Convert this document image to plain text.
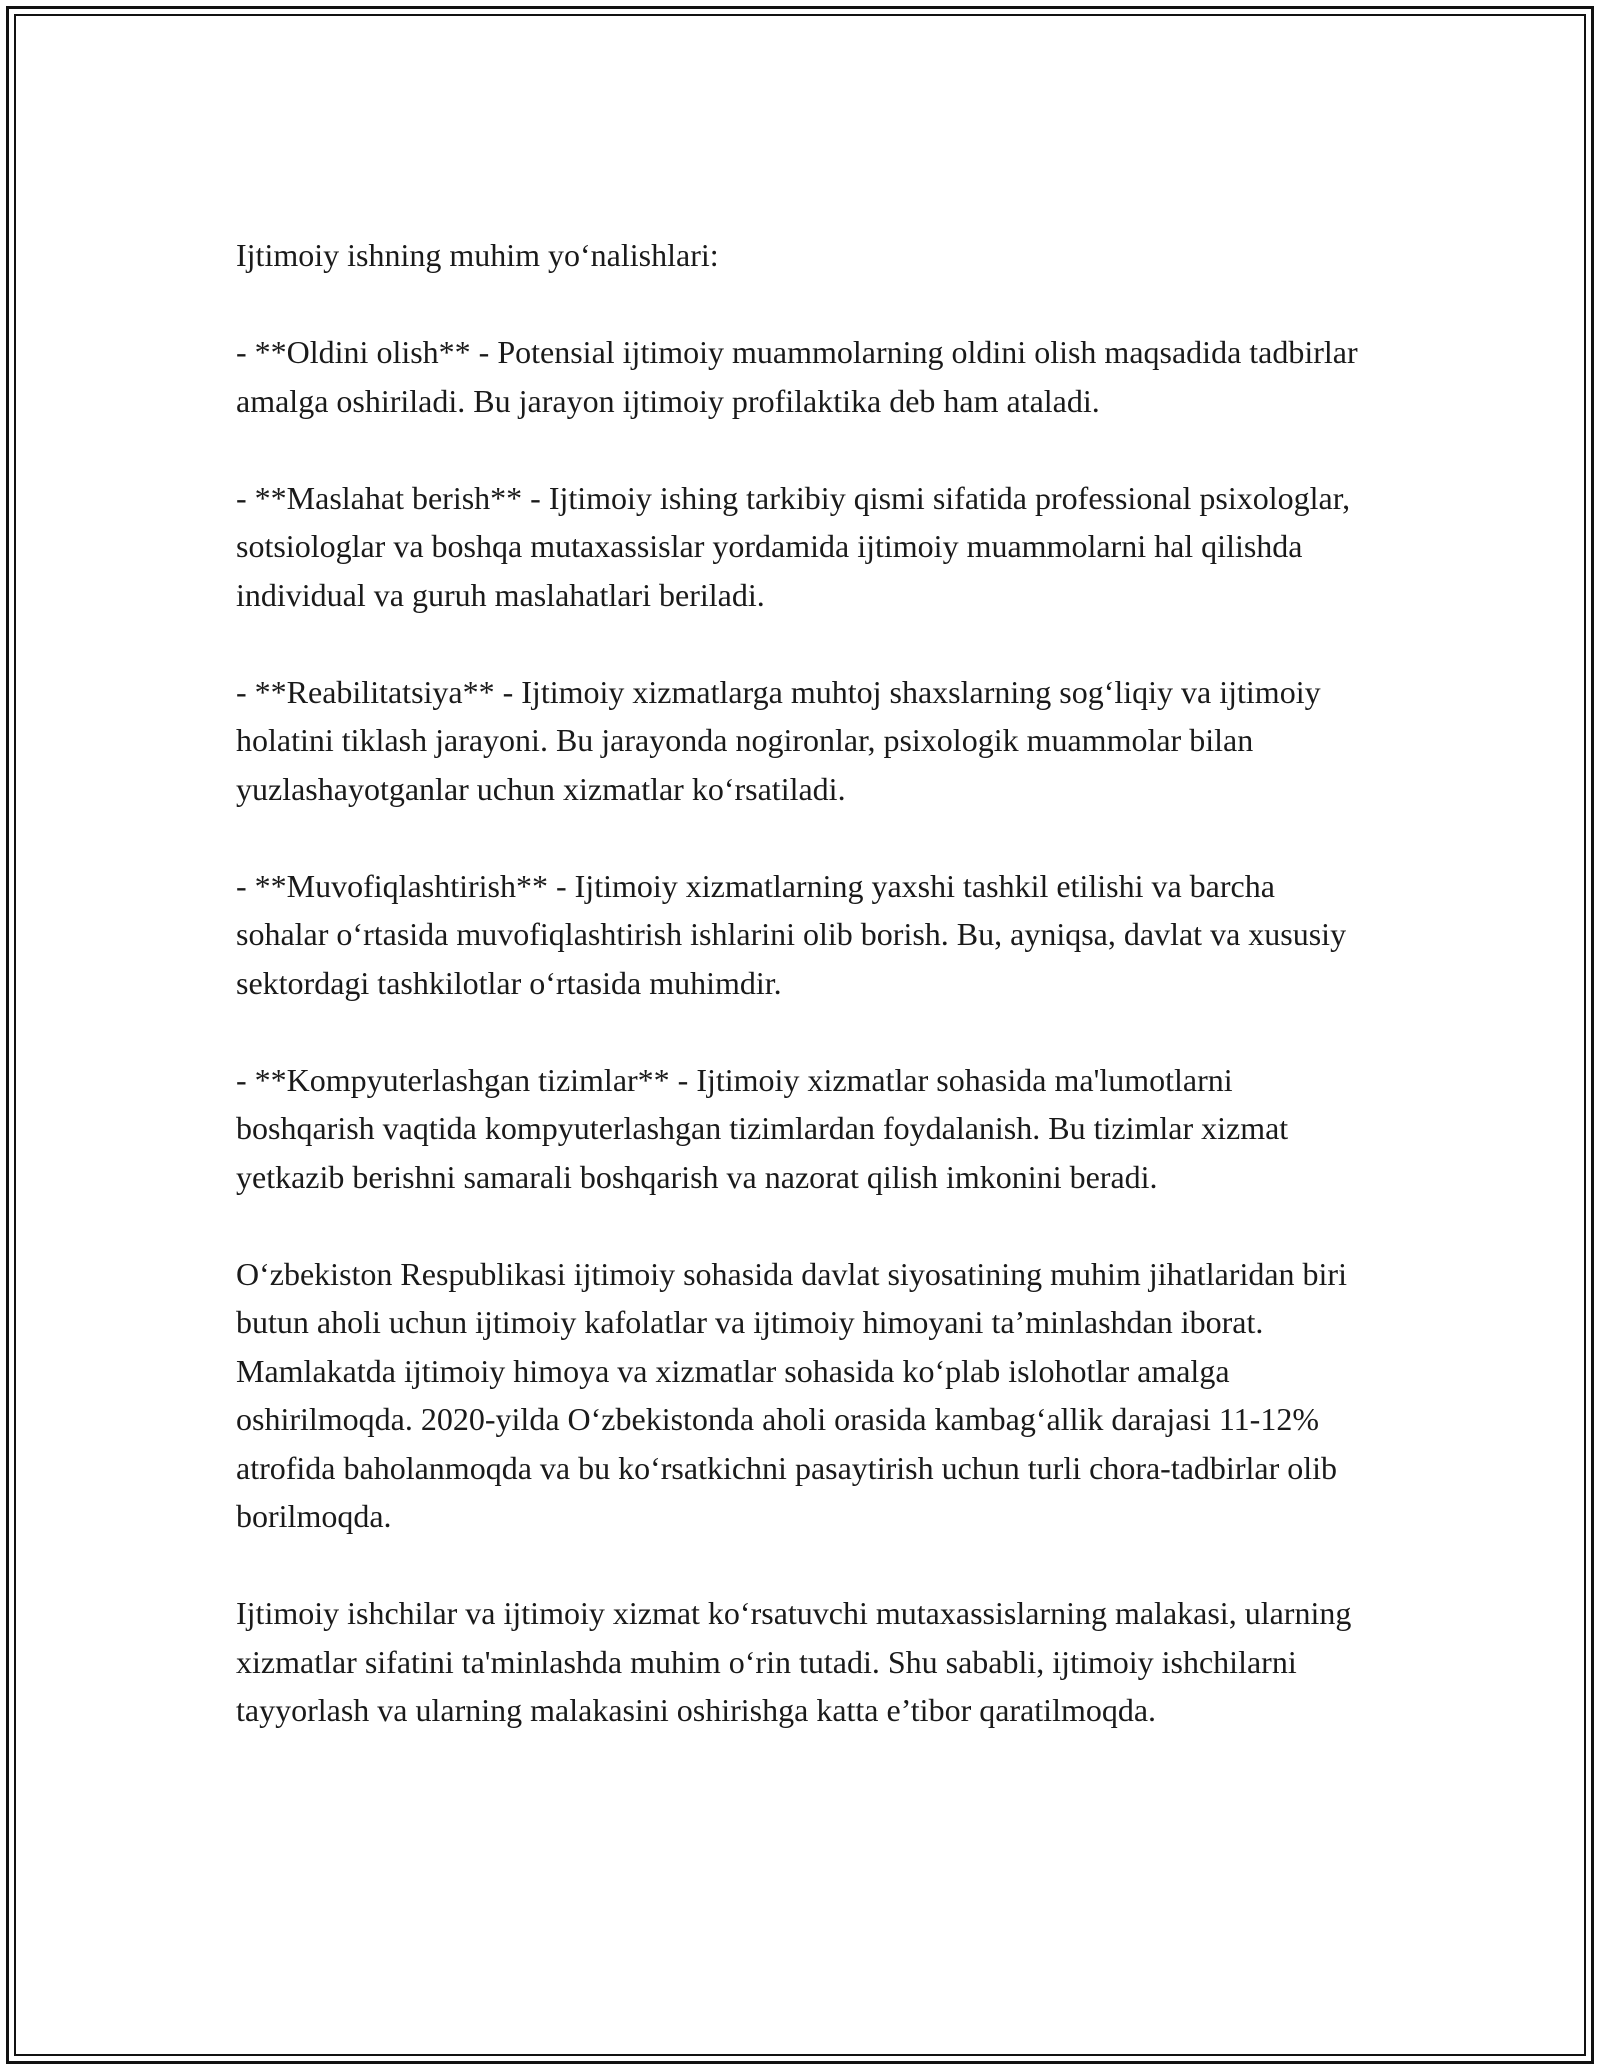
Ijtimoiy ishning muhim yo‘nalishlari:

- **Oldini olish** - Potensial ijtimoiy muammolarning oldini olish maqsadida tadbirlar amalga oshiriladi. Bu jarayon ijtimoiy profilaktika deb ham ataladi.

- **Maslahat berish** - Ijtimoiy ishing tarkibiy qismi sifatida professional psixologlar, sotsiologlar va boshqa mutaxassislar yordamida ijtimoiy muammolarni hal qilishda individual va guruh maslahatlari beriladi.

- **Reabilitatsiya** - Ijtimoiy xizmatlarga muhtoj shaxslarning sog‘liqiy va ijtimoiy holatini tiklash jarayoni. Bu jarayonda nogironlar, psixologik muammolar bilan yuzlashayotganlar uchun xizmatlar ko‘rsatiladi.

- **Muvofiqlashtirish** - Ijtimoiy xizmatlarning yaxshi tashkil etilishi va barcha sohalar o‘rtasida muvofiqlashtirish ishlarini olib borish. Bu, ayniqsa, davlat va xususiy sektordagi tashkilotlar o‘rtasida muhimdir.

- **Kompyuterlashgan tizimlar** - Ijtimoiy xizmatlar sohasida ma'lumotlarni boshqarish vaqtida kompyuterlashgan tizimlardan foydalanish. Bu tizimlar xizmat yetkazib berishni samarali boshqarish va nazorat qilish imkonini beradi.

O‘zbekiston Respublikasi ijtimoiy sohasida davlat siyosatining muhim jihatlaridan biri butun aholi uchun ijtimoiy kafolatlar va ijtimoiy himoyani ta’minlashdan iborat. Mamlakatda ijtimoiy himoya va xizmatlar sohasida ko‘plab islohotlar amalga oshirilmoqda. 2020-yilda O‘zbekistonda aholi orasida kambag‘allik darajasi 11-12% atrofida baholanmoqda va bu ko‘rsatkichni pasaytirish uchun turli chora-tadbirlar olib borilmoqda.

Ijtimoiy ishchilar va ijtimoiy xizmat ko‘rsatuvchi mutaxassislarning malakasi, ularning xizmatlar sifatini ta'minlashda muhim o‘rin tutadi. Shu sababli, ijtimoiy ishchilarni tayyorlash va ularning malakasini oshirishga katta e’tibor qaratilmoqda.
